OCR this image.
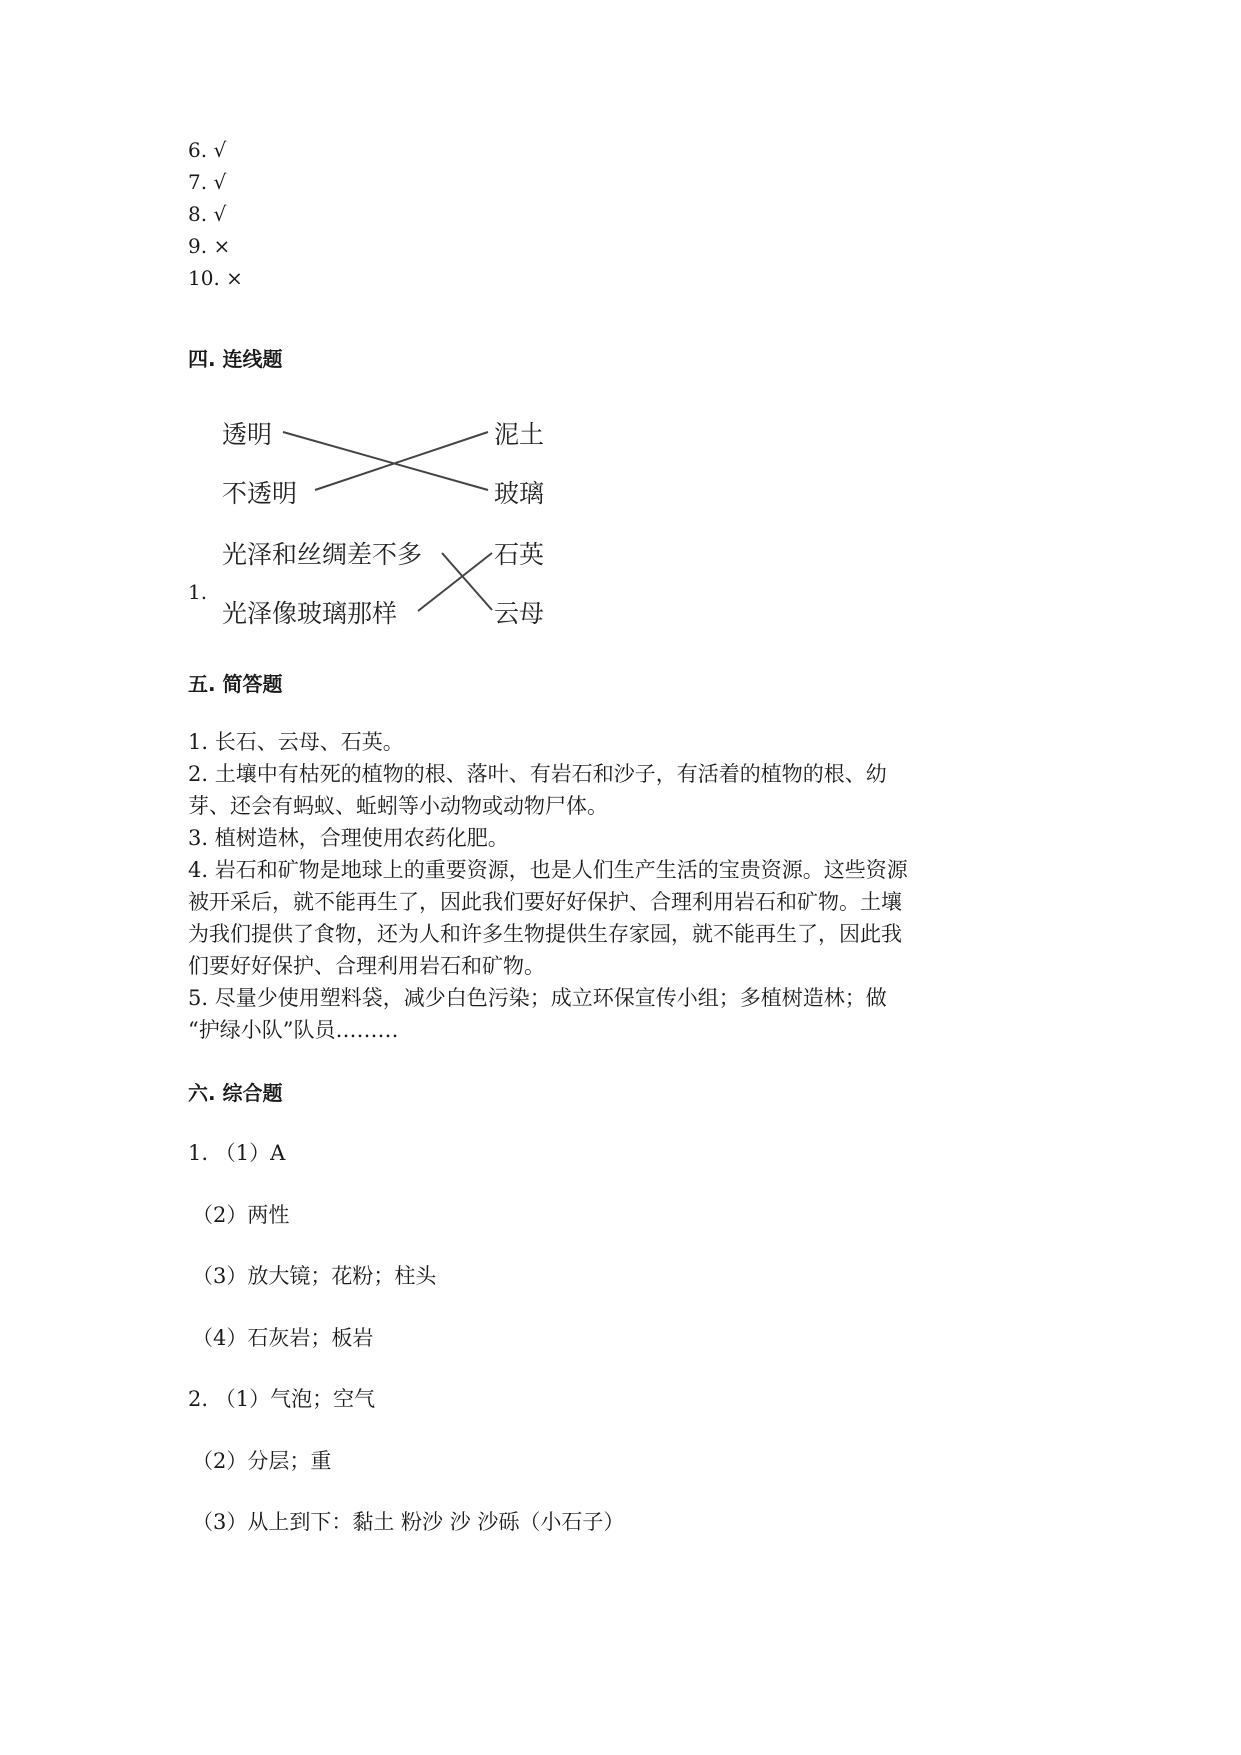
6. √
7. √
8. √
9. ×
10. ×
四. 连线题
1.
透明
不透明
光泽和丝绸差不多
光泽像玻璃那样
泥土
玻璃
石英
云母
五. 简答题
1. 长石、云母、石英。
2. 土壤中有枯死的植物的根、落叶、有岩石和沙子，有活着的植物的根、幼
芽、还会有蚂蚁、蚯蚓等小动物或动物尸体。
3. 植树造林，合理使用农药化肥。
4. 岩石和矿物是地球上的重要资源，也是人们生产生活的宝贵资源。这些资源
被开采后，就不能再生了，因此我们要好好保护、合理利用岩石和矿物。土壤
为我们提供了食物，还为人和许多生物提供生存家园，就不能再生了，因此我
们要好好保护、合理利用岩石和矿物。
5. 尽量少使用塑料袋，减少白色污染；成立环保宣传小组；多植树造林；做
“护绿小队”队员………
六. 综合题
1. （1）A
（2）两性
（3）放大镜；花粉；柱头
（4）石灰岩；板岩
2. （1）气泡；空气
（2）分层；重
（3）从上到下：黏土 粉沙 沙 沙砾（小石子）
